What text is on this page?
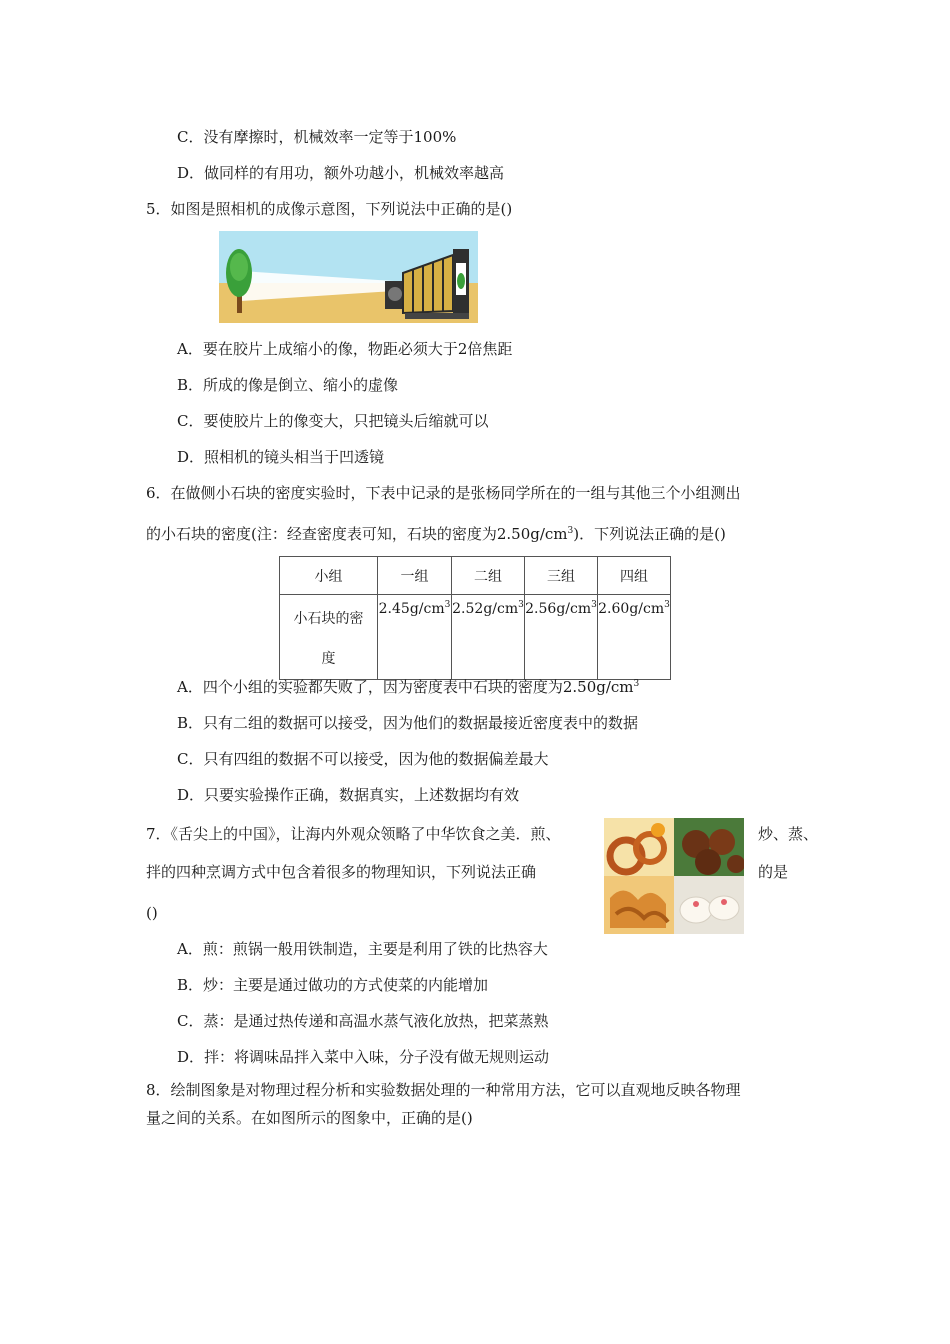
C．没有摩擦时，机械效率一定等于100%
D．做同样的有用功，额外功越小，机械效率越高
5．如图是照相机的成像示意图，下列说法中正确的是()
A．要在胶片上成缩小的像，物距必须大于2倍焦距
B．所成的像是倒立、缩小的虚像
C．要使胶片上的像变大，只把镜头后缩就可以
D．照相机的镜头相当于凹透镜
6．在做侧小石块的密度实验时，下表中记录的是张杨同学所在的一组与其他三个小组测出
的小石块的密度(注：经查密度表可知，石块的密度为$2.50g/cm^3$)．下列说法正确的是()
小组	一组	二组	三组	四组
小石块的密
度	$2.45g/cm^3$	$2.52g/cm^3$	$2.56g/cm^3$	$2.60g/cm^3$
A．四个小组的实验都失败了，因为密度表中石块的密度为$2.50g/cm^3$
B．只有二组的数据可以接受，因为他们的数据最接近密度表中的数据
C．只有四组的数据不可以接受，因为他的数据偏差最大
D．只要实验操作正确，数据真实，上述数据均有效
7．《舌尖上的中国》，让海内外观众领略了中华饮食之美．煎、	炒、蒸、
拌的四种烹调方式中包含着很多的物理知识，下列说法正确	的是
()
A．煎：煎锅一般用铁制造，主要是利用了铁的比热容大
B．炒：主要是通过做功的方式使菜的内能增加
C．蒸：是通过热传递和高温水蒸气液化放热，把菜蒸熟
D．拌：将调味品拌入菜中入味，分子没有做无规则运动
8．绘制图象是对物理过程分析和实验数据处理的一种常用方法，它可以直观地反映各物理
量之间的关系。在如图所示的图象中，正确的是()
